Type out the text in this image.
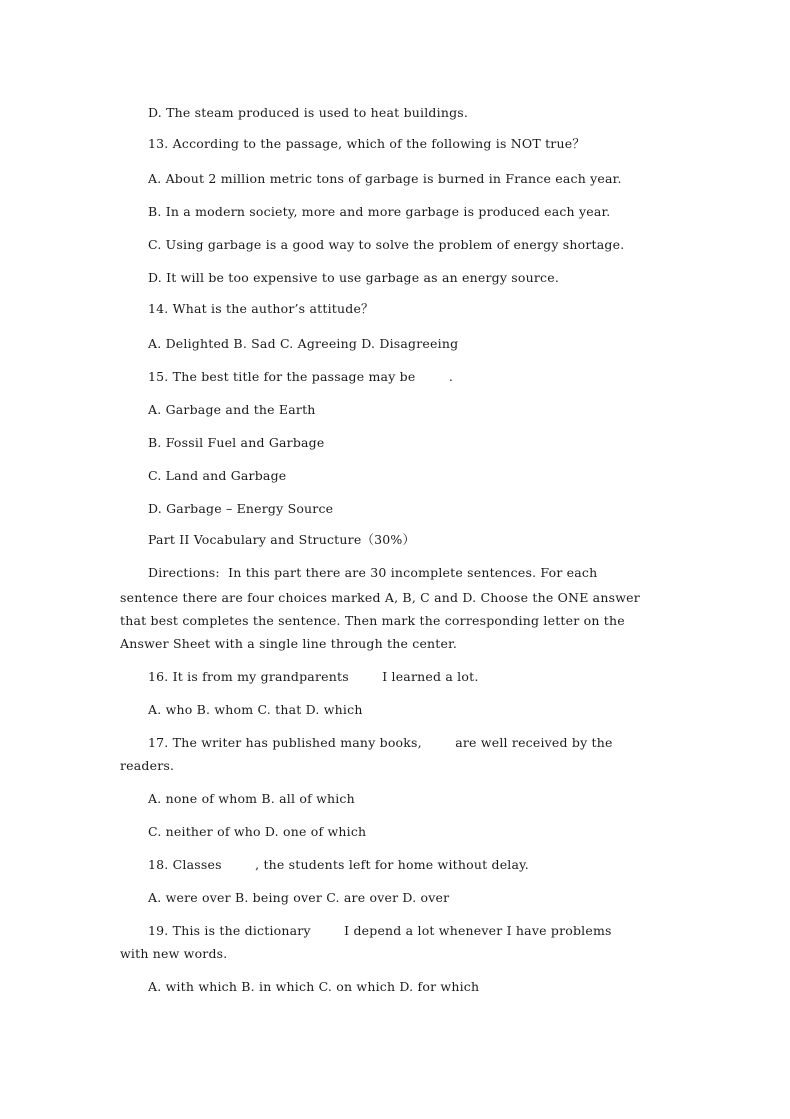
D. The steam produced is used to heat buildings.
13. According to the passage, which of the following is NOT true？
A. About 2 million metric tons of garbage is burned in France each year.
B. In a modern society, more and more garbage is produced each year.
C. Using garbage is a good way to solve the problem of energy shortage.
D. It will be too expensive to use garbage as an energy source.
14. What is the author’s attitude？
A. Delighted B. Sad C. Agreeing D. Disagreeing
15. The best title for the passage may be        .
A. Garbage and the Earth
B. Fossil Fuel and Garbage
C. Land and Garbage
D. Garbage – Energy Source
Part II Vocabulary and Structure（30%）
Directions:  In this part there are 30 incomplete sentences. For each
sentence there are four choices marked A, B, C and D. Choose the ONE answer
that best completes the sentence. Then mark the corresponding letter on the
Answer Sheet with a single line through the center.
16. It is from my grandparents        I learned a lot.
A. who B. whom C. that D. which
17. The writer has published many books,        are well received by the
readers.
A. none of whom B. all of which
C. neither of who D. one of which
18. Classes        , the students left for home without delay.
A. were over B. being over C. are over D. over
19. This is the dictionary        I depend a lot whenever I have problems
with new words.
A. with which B. in which C. on which D. for which
